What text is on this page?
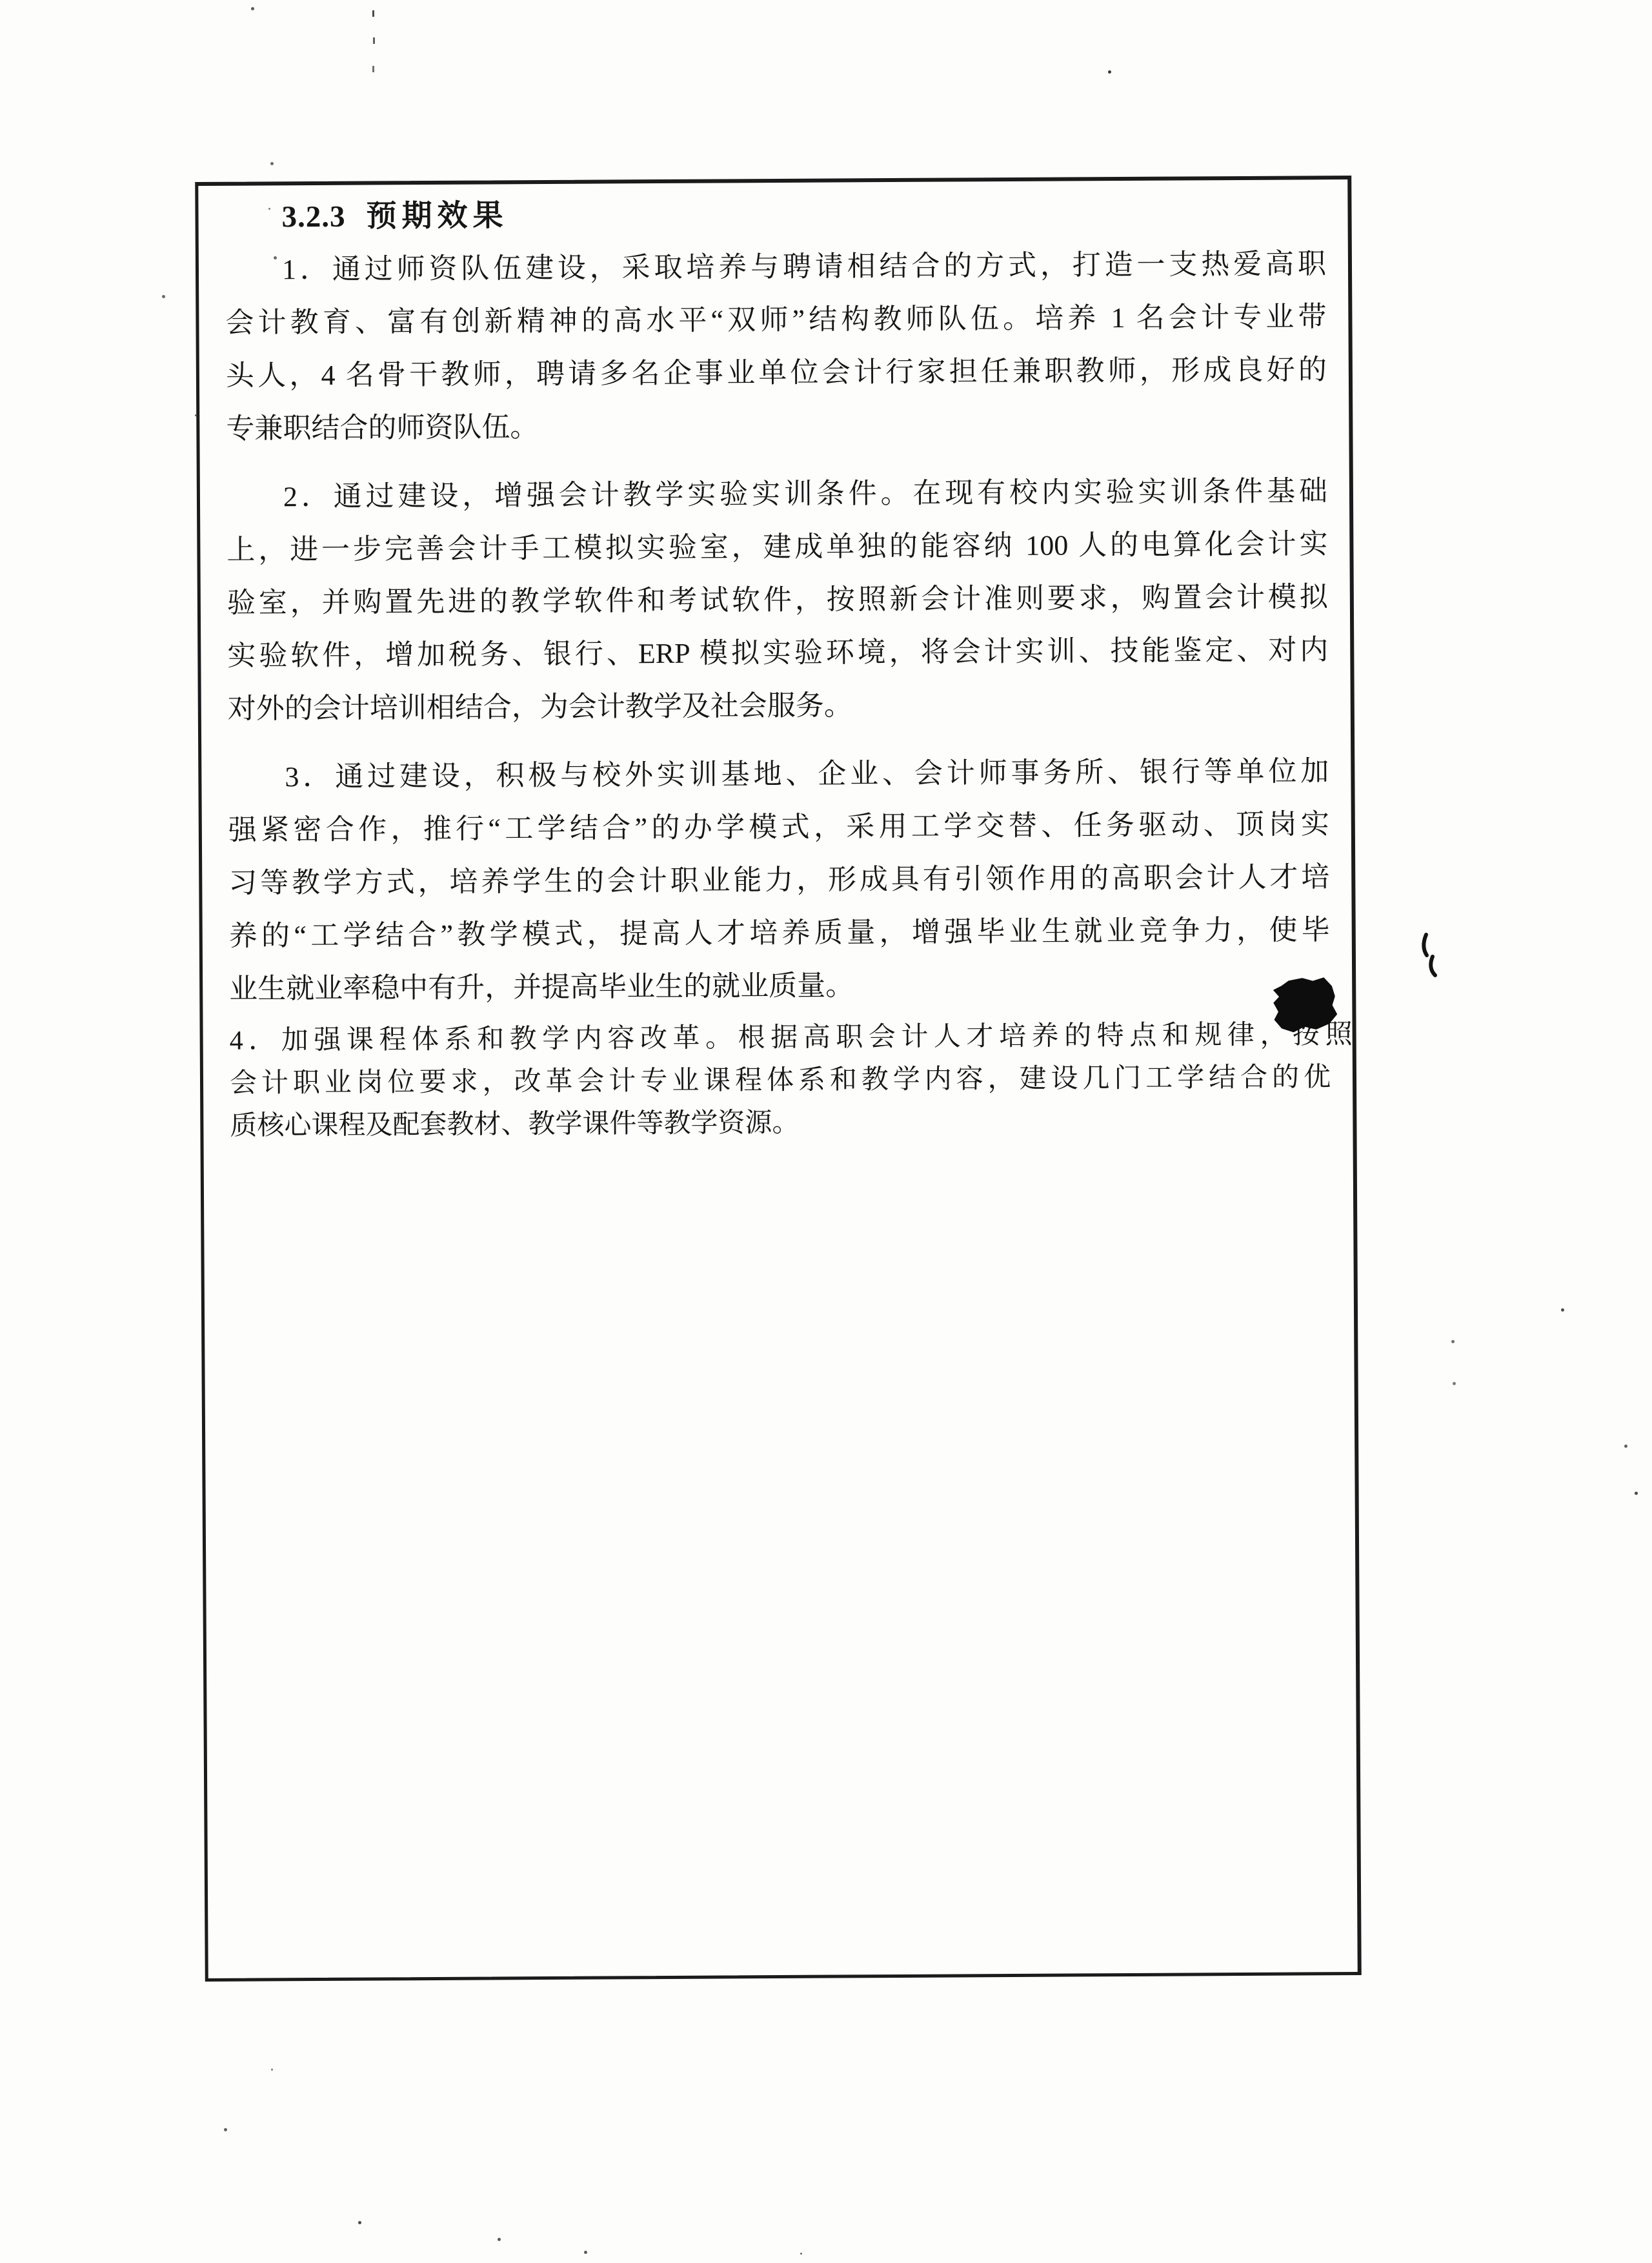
3.2.3 预期效果

1．通过师资队伍建设，采取培养与聘请相结合的方式，打造一支热爱高职
会计教育、富有创新精神的高水平“双师”结构教师队伍。培养 1 名会计专业带
头人，4 名骨干教师，聘请多名企事业单位会计行家担任兼职教师，形成良好的
专兼职结合的师资队伍。

2．通过建设，增强会计教学实验实训条件。在现有校内实验实训条件基础
上，进一步完善会计手工模拟实验室，建成单独的能容纳 100 人的电算化会计实
验室，并购置先进的教学软件和考试软件，按照新会计准则要求，购置会计模拟
实验软件，增加税务、银行、ERP 模拟实验环境，将会计实训、技能鉴定、对内
对外的会计培训相结合，为会计教学及社会服务。

3．通过建设，积极与校外实训基地、企业、会计师事务所、银行等单位加
强紧密合作，推行“工学结合”的办学模式，采用工学交替、任务驱动、顶岗实
习等教学方式，培养学生的会计职业能力，形成具有引领作用的高职会计人才培
养的“工学结合”教学模式，提高人才培养质量，增强毕业生就业竞争力，使毕
业生就业率稳中有升，并提高毕业生的就业质量。

4．加强课程体系和教学内容改革。根据高职会计人才培养的特点和规律，按照
会计职业岗位要求，改革会计专业课程体系和教学内容，建设几门工学结合的优
质核心课程及配套教材、教学课件等教学资源。
